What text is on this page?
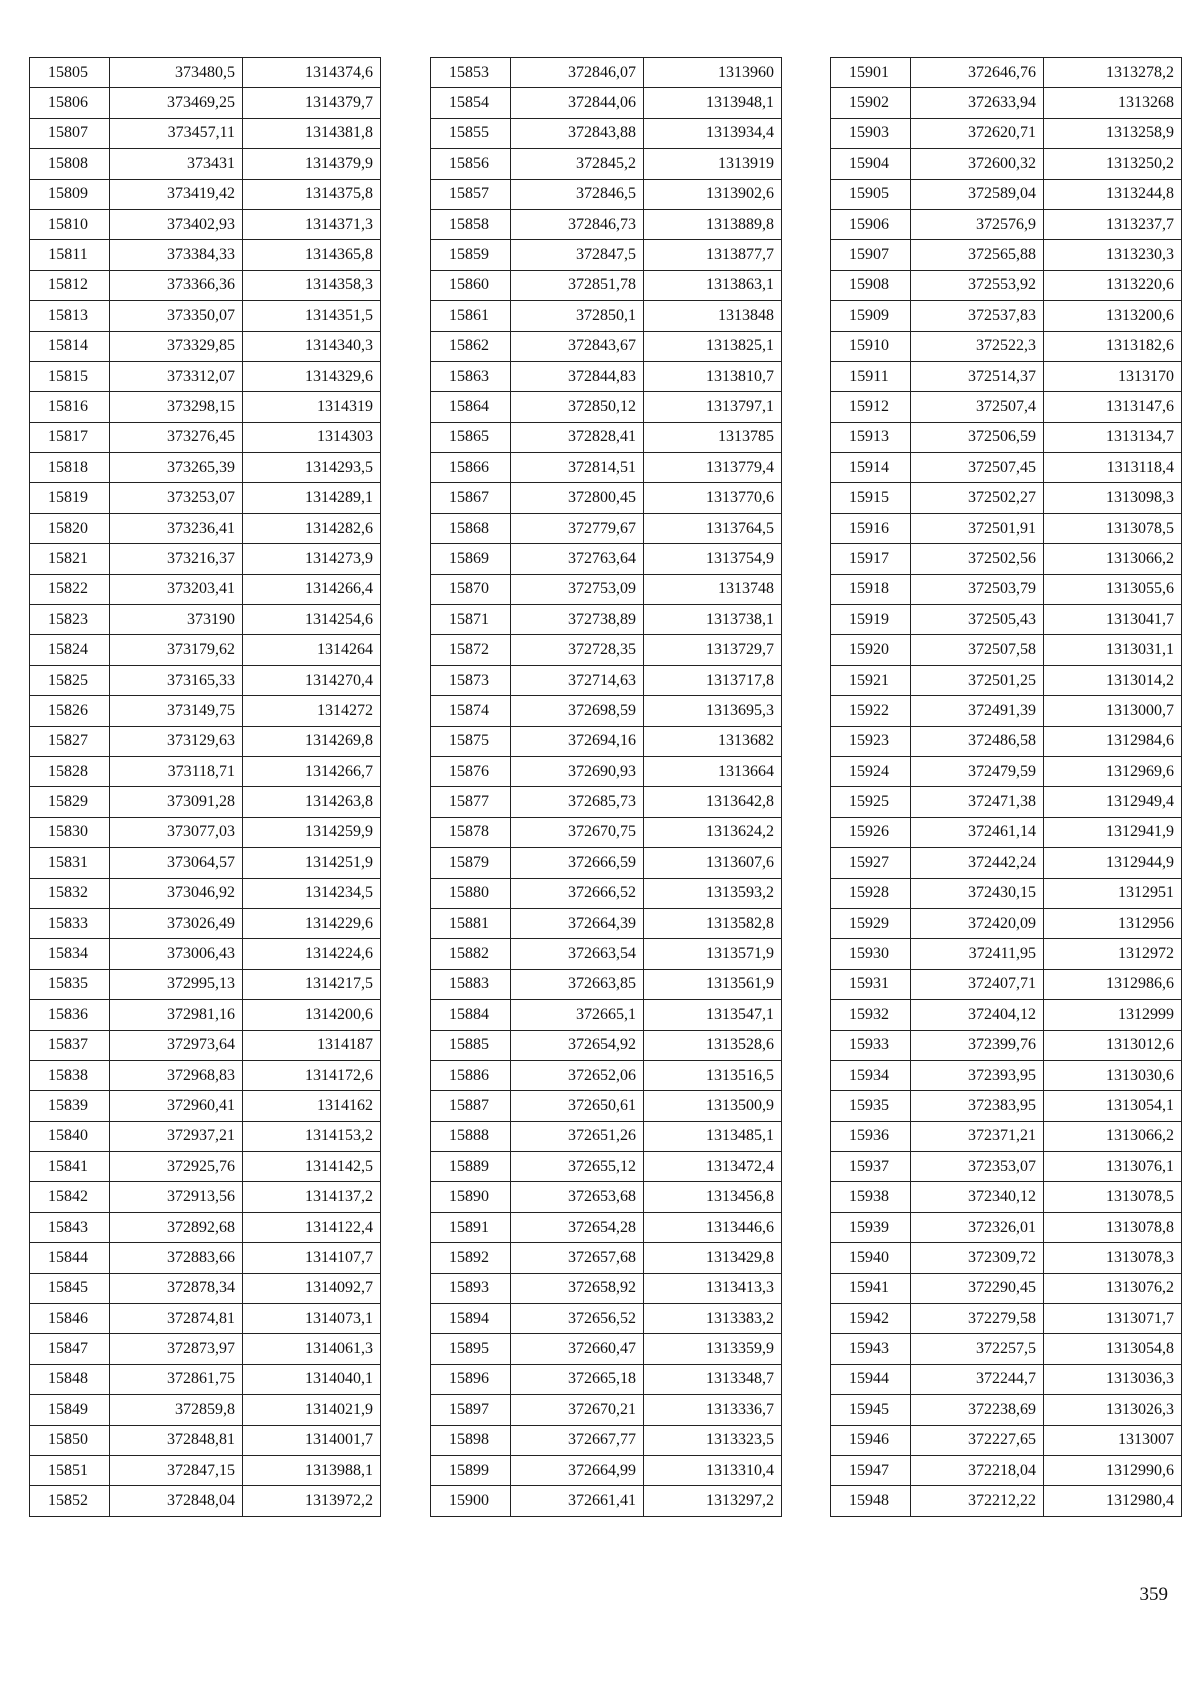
15805	373480,5	1314374,6
15806	373469,25	1314379,7
15807	373457,11	1314381,8
15808	373431	1314379,9
15809	373419,42	1314375,8
15810	373402,93	1314371,3
15811	373384,33	1314365,8
15812	373366,36	1314358,3
15813	373350,07	1314351,5
15814	373329,85	1314340,3
15815	373312,07	1314329,6
15816	373298,15	1314319
15817	373276,45	1314303
15818	373265,39	1314293,5
15819	373253,07	1314289,1
15820	373236,41	1314282,6
15821	373216,37	1314273,9
15822	373203,41	1314266,4
15823	373190	1314254,6
15824	373179,62	1314264
15825	373165,33	1314270,4
15826	373149,75	1314272
15827	373129,63	1314269,8
15828	373118,71	1314266,7
15829	373091,28	1314263,8
15830	373077,03	1314259,9
15831	373064,57	1314251,9
15832	373046,92	1314234,5
15833	373026,49	1314229,6
15834	373006,43	1314224,6
15835	372995,13	1314217,5
15836	372981,16	1314200,6
15837	372973,64	1314187
15838	372968,83	1314172,6
15839	372960,41	1314162
15840	372937,21	1314153,2
15841	372925,76	1314142,5
15842	372913,56	1314137,2
15843	372892,68	1314122,4
15844	372883,66	1314107,7
15845	372878,34	1314092,7
15846	372874,81	1314073,1
15847	372873,97	1314061,3
15848	372861,75	1314040,1
15849	372859,8	1314021,9
15850	372848,81	1314001,7
15851	372847,15	1313988,1
15852	372848,04	1313972,2
15853	372846,07	1313960
15854	372844,06	1313948,1
15855	372843,88	1313934,4
15856	372845,2	1313919
15857	372846,5	1313902,6
15858	372846,73	1313889,8
15859	372847,5	1313877,7
15860	372851,78	1313863,1
15861	372850,1	1313848
15862	372843,67	1313825,1
15863	372844,83	1313810,7
15864	372850,12	1313797,1
15865	372828,41	1313785
15866	372814,51	1313779,4
15867	372800,45	1313770,6
15868	372779,67	1313764,5
15869	372763,64	1313754,9
15870	372753,09	1313748
15871	372738,89	1313738,1
15872	372728,35	1313729,7
15873	372714,63	1313717,8
15874	372698,59	1313695,3
15875	372694,16	1313682
15876	372690,93	1313664
15877	372685,73	1313642,8
15878	372670,75	1313624,2
15879	372666,59	1313607,6
15880	372666,52	1313593,2
15881	372664,39	1313582,8
15882	372663,54	1313571,9
15883	372663,85	1313561,9
15884	372665,1	1313547,1
15885	372654,92	1313528,6
15886	372652,06	1313516,5
15887	372650,61	1313500,9
15888	372651,26	1313485,1
15889	372655,12	1313472,4
15890	372653,68	1313456,8
15891	372654,28	1313446,6
15892	372657,68	1313429,8
15893	372658,92	1313413,3
15894	372656,52	1313383,2
15895	372660,47	1313359,9
15896	372665,18	1313348,7
15897	372670,21	1313336,7
15898	372667,77	1313323,5
15899	372664,99	1313310,4
15900	372661,41	1313297,2
15901	372646,76	1313278,2
15902	372633,94	1313268
15903	372620,71	1313258,9
15904	372600,32	1313250,2
15905	372589,04	1313244,8
15906	372576,9	1313237,7
15907	372565,88	1313230,3
15908	372553,92	1313220,6
15909	372537,83	1313200,6
15910	372522,3	1313182,6
15911	372514,37	1313170
15912	372507,4	1313147,6
15913	372506,59	1313134,7
15914	372507,45	1313118,4
15915	372502,27	1313098,3
15916	372501,91	1313078,5
15917	372502,56	1313066,2
15918	372503,79	1313055,6
15919	372505,43	1313041,7
15920	372507,58	1313031,1
15921	372501,25	1313014,2
15922	372491,39	1313000,7
15923	372486,58	1312984,6
15924	372479,59	1312969,6
15925	372471,38	1312949,4
15926	372461,14	1312941,9
15927	372442,24	1312944,9
15928	372430,15	1312951
15929	372420,09	1312956
15930	372411,95	1312972
15931	372407,71	1312986,6
15932	372404,12	1312999
15933	372399,76	1313012,6
15934	372393,95	1313030,6
15935	372383,95	1313054,1
15936	372371,21	1313066,2
15937	372353,07	1313076,1
15938	372340,12	1313078,5
15939	372326,01	1313078,8
15940	372309,72	1313078,3
15941	372290,45	1313076,2
15942	372279,58	1313071,7
15943	372257,5	1313054,8
15944	372244,7	1313036,3
15945	372238,69	1313026,3
15946	372227,65	1313007
15947	372218,04	1312990,6
15948	372212,22	1312980,4
359
